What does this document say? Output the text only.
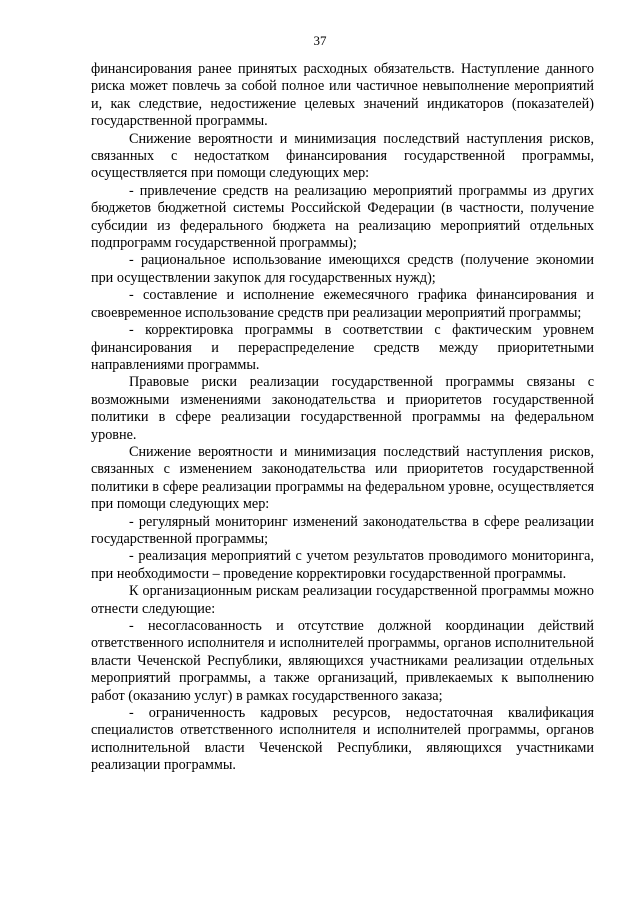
37

финансирования ранее принятых расходных обязательств. Наступление данного риска может повлечь за собой полное или частичное невыполнение мероприятий и, как следствие, недостижение целевых значений индикаторов (показателей) государственной программы.

Снижение вероятности и минимизация последствий наступления рисков, связанных с недостатком финансирования государственной программы, осуществляется при помощи следующих мер:

- привлечение средств на реализацию мероприятий программы из других бюджетов бюджетной системы Российской Федерации (в частности, получение субсидии из федерального бюджета на реализацию мероприятий отдельных подпрограмм государственной программы);

- рациональное использование имеющихся средств (получение экономии при осуществлении закупок для государственных нужд);

- составление и исполнение ежемесячного графика финансирования и своевременное использование средств при реализации мероприятий программы;

- корректировка программы в соответствии с фактическим уровнем финансирования и перераспределение средств между приоритетными направлениями программы.

Правовые риски реализации государственной программы связаны с возможными изменениями законодательства и приоритетов государственной политики в сфере реализации государственной программы на федеральном уровне.

Снижение вероятности и минимизация последствий наступления рисков, связанных с изменением законодательства или приоритетов государственной политики в сфере реализации программы на федеральном уровне, осуществляется при помощи следующих мер:

- регулярный мониторинг изменений законодательства в сфере реализации государственной программы;

- реализация мероприятий с учетом результатов проводимого мониторинга, при необходимости – проведение корректировки государственной программы.

К организационным рискам реализации государственной программы можно отнести следующие:

- несогласованность и отсутствие должной координации действий ответственного исполнителя и исполнителей программы, органов исполнительной власти Чеченской Республики, являющихся участниками реализации отдельных мероприятий программы, а также организаций, привлекаемых к выполнению работ (оказанию услуг) в рамках государственного заказа;

- ограниченность кадровых ресурсов, недостаточная квалификация специалистов ответственного исполнителя и исполнителей программы, органов исполнительной власти Чеченской Республики, являющихся участниками реализации программы.
